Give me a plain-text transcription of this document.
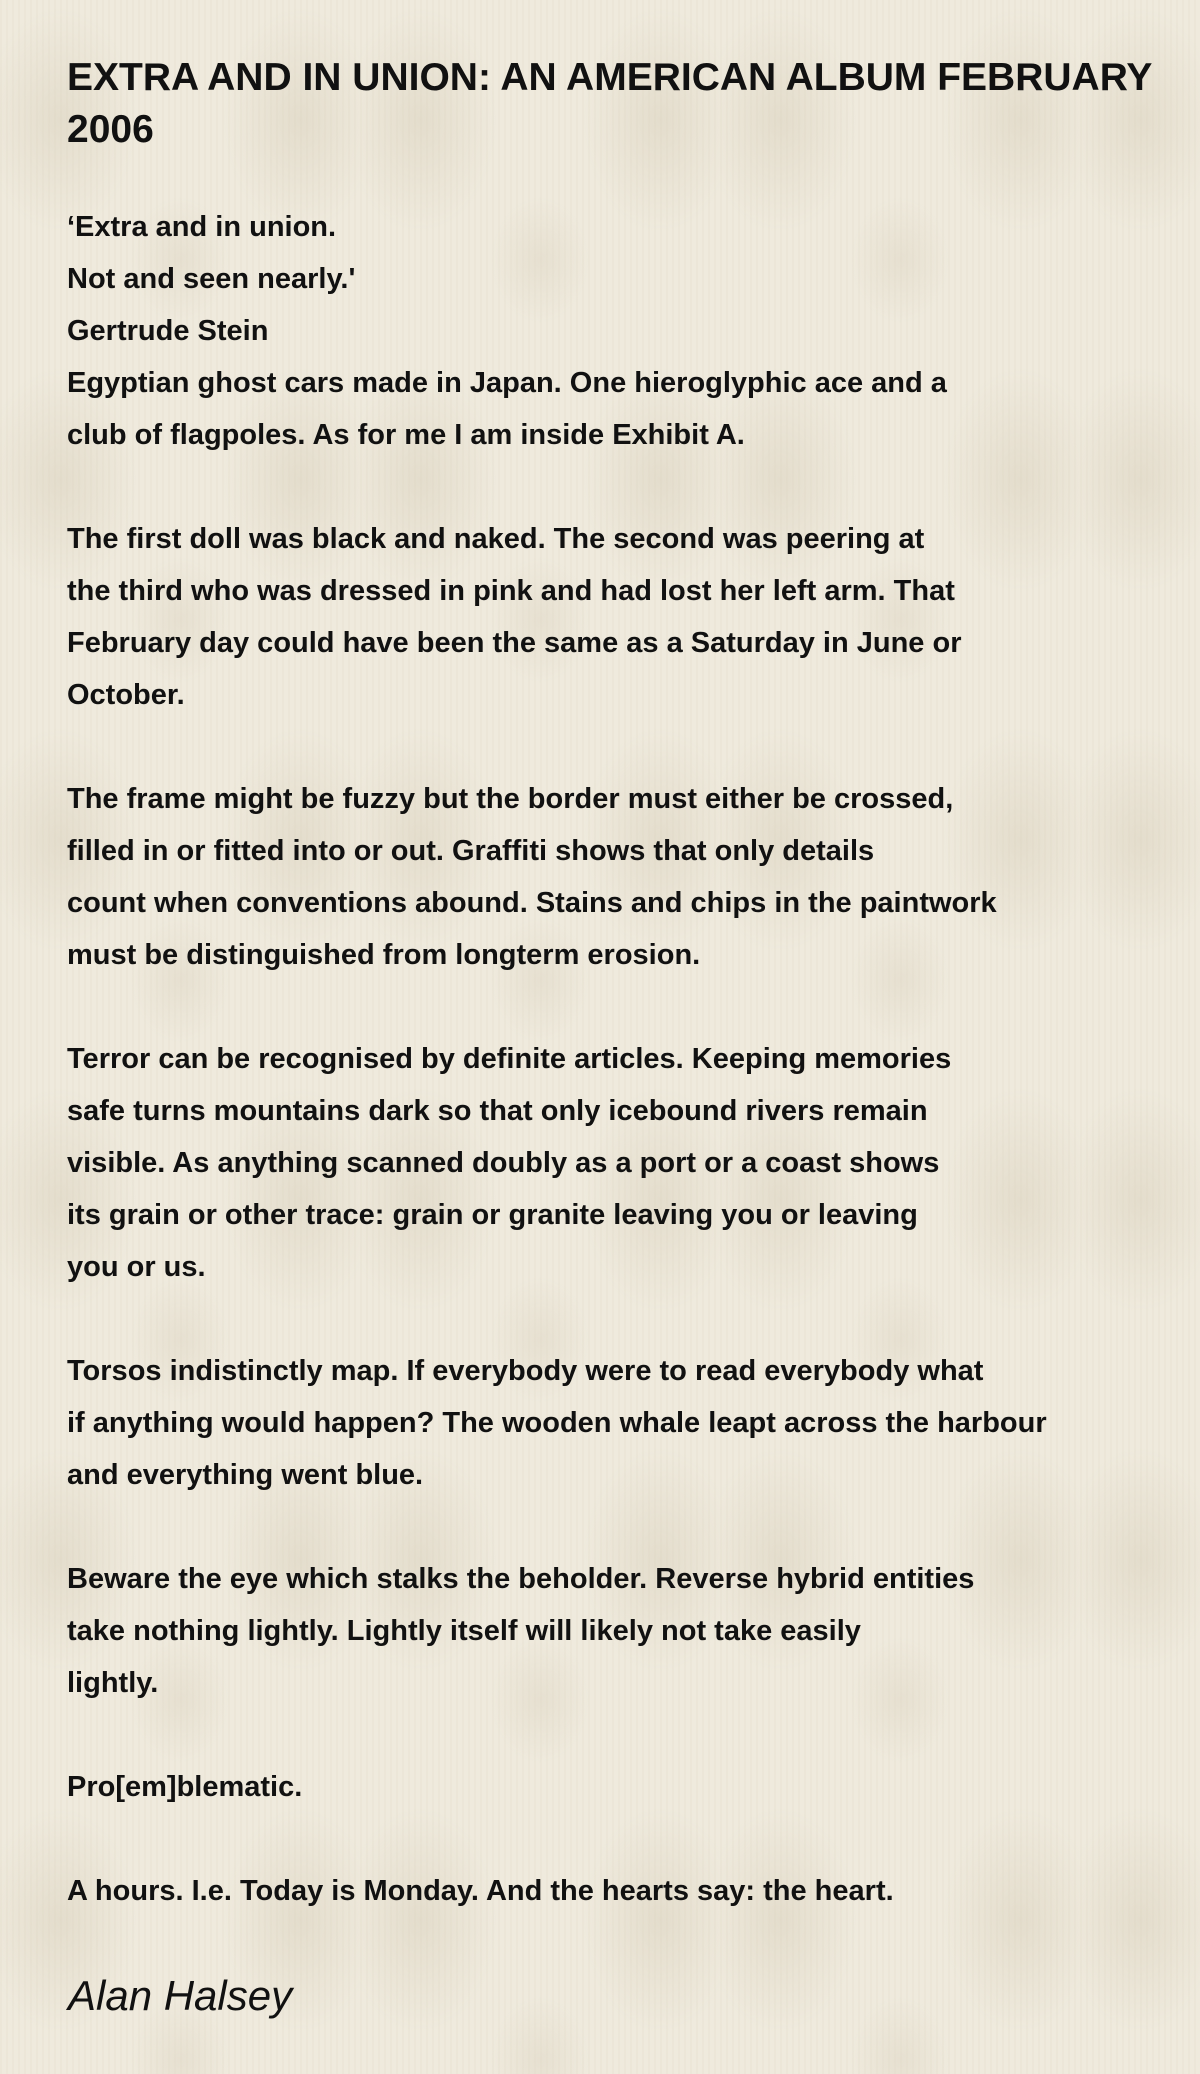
EXTRA AND IN UNION: AN AMERICAN ALBUM FEBRUARY
2006
‘Extra and in union.
Not and seen nearly.'
Gertrude Stein
Egyptian ghost cars made in Japan. One hieroglyphic ace and a
club of flagpoles. As for me I am inside Exhibit A.
The first doll was black and naked. The second was peering at
the third who was dressed in pink and had lost her left arm. That
February day could have been the same as a Saturday in June or
October.
The frame might be fuzzy but the border must either be crossed,
filled in or fitted into or out. Graffiti shows that only details
count when conventions abound. Stains and chips in the paintwork
must be distinguished from longterm erosion.
Terror can be recognised by definite articles. Keeping memories
safe turns mountains dark so that only icebound rivers remain
visible. As anything scanned doubly as a port or a coast shows
its grain or other trace: grain or granite leaving you or leaving
you or us.
Torsos indistinctly map. If everybody were to read everybody what
if anything would happen? The wooden whale leapt across the harbour
and everything went blue.
Beware the eye which stalks the beholder. Reverse hybrid entities
take nothing lightly. Lightly itself will likely not take easily
lightly.
Pro[em]blematic.
A hours. I.e. Today is Monday. And the hearts say: the heart.
Alan Halsey
